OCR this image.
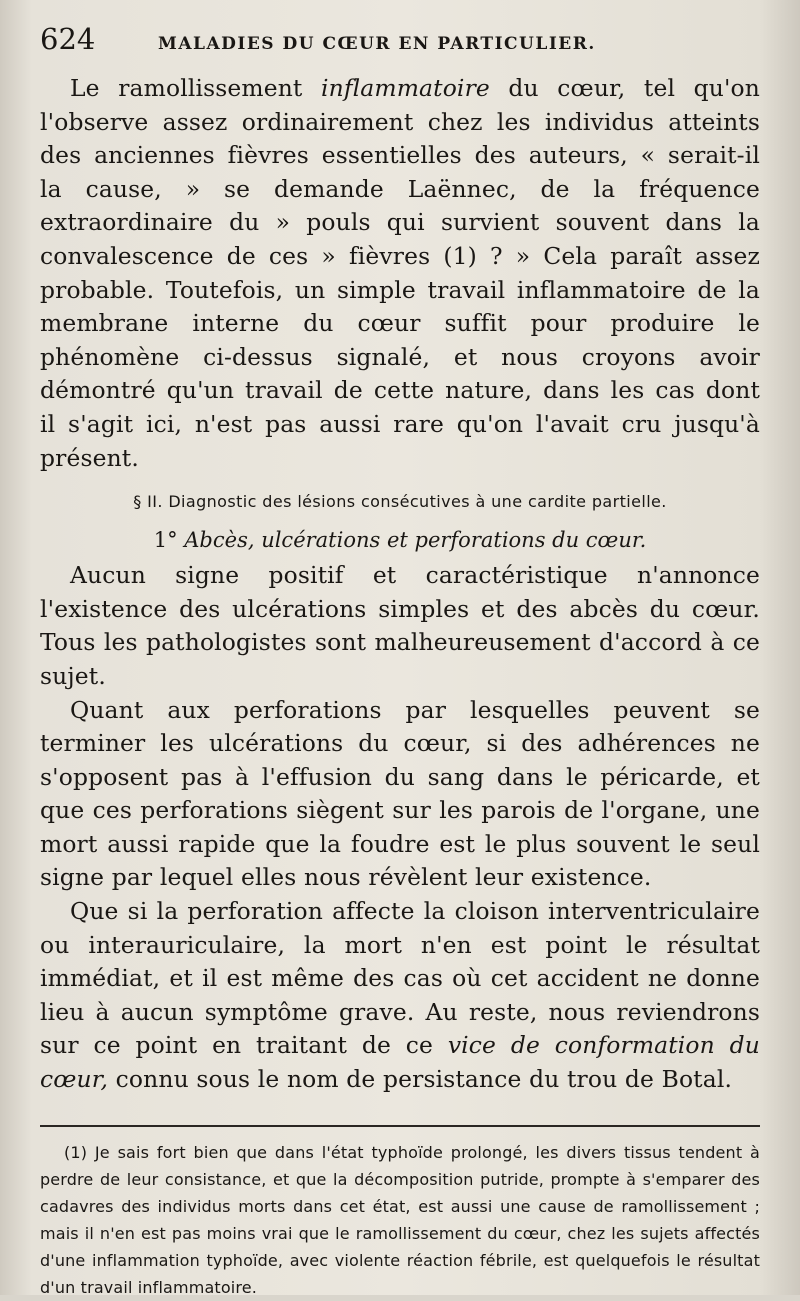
624	MALADIES DU CŒUR EN PARTICULIER.

Le ramollissement inflammatoire du cœur, tel qu'on l'observe assez ordinairement chez les individus atteints des anciennes fièvres essentielles des auteurs, « serait-il la cause, » se demande Laënnec, de la fréquence extraordinaire du » pouls qui survient souvent dans la convalescence de ces » fièvres (1) ? » Cela paraît assez probable. Toutefois, un simple travail inflammatoire de la membrane interne du cœur suffit pour produire le phénomène ci-dessus signalé, et nous croyons avoir démontré qu'un travail de cette nature, dans les cas dont il s'agit ici, n'est pas aussi rare qu'on l'avait cru jusqu'à présent.

§ II. Diagnostic des lésions consécutives à une cardite partielle.
1° Abcès, ulcérations et perforations du cœur.

Aucun signe positif et caractéristique n'annonce l'existence des ulcérations simples et des abcès du cœur. Tous les pathologistes sont malheureusement d'accord à ce sujet.

Quant aux perforations par lesquelles peuvent se terminer les ulcérations du cœur, si des adhérences ne s'opposent pas à l'effusion du sang dans le péricarde, et que ces perforations siègent sur les parois de l'organe, une mort aussi rapide que la foudre est le plus souvent le seul signe par lequel elles nous révèlent leur existence.

Que si la perforation affecte la cloison interventriculaire ou interauriculaire, la mort n'en est point le résultat immédiat, et il est même des cas où cet accident ne donne lieu à aucun symptôme grave. Au reste, nous reviendrons sur ce point en traitant de ce vice de conformation du cœur, connu sous le nom de persistance du trou de Botal.

(1) Je sais fort bien que dans l'état typhoïde prolongé, les divers tissus tendent à perdre de leur consistance, et que la décomposition putride, prompte à s'emparer des cadavres des individus morts dans cet état, est aussi une cause de ramollissement ; mais il n'en est pas moins vrai que le ramollissement du cœur, chez les sujets affectés d'une inflammation typhoïde, avec violente réaction fébrile, est quelquefois le résultat d'un travail inflammatoire.
